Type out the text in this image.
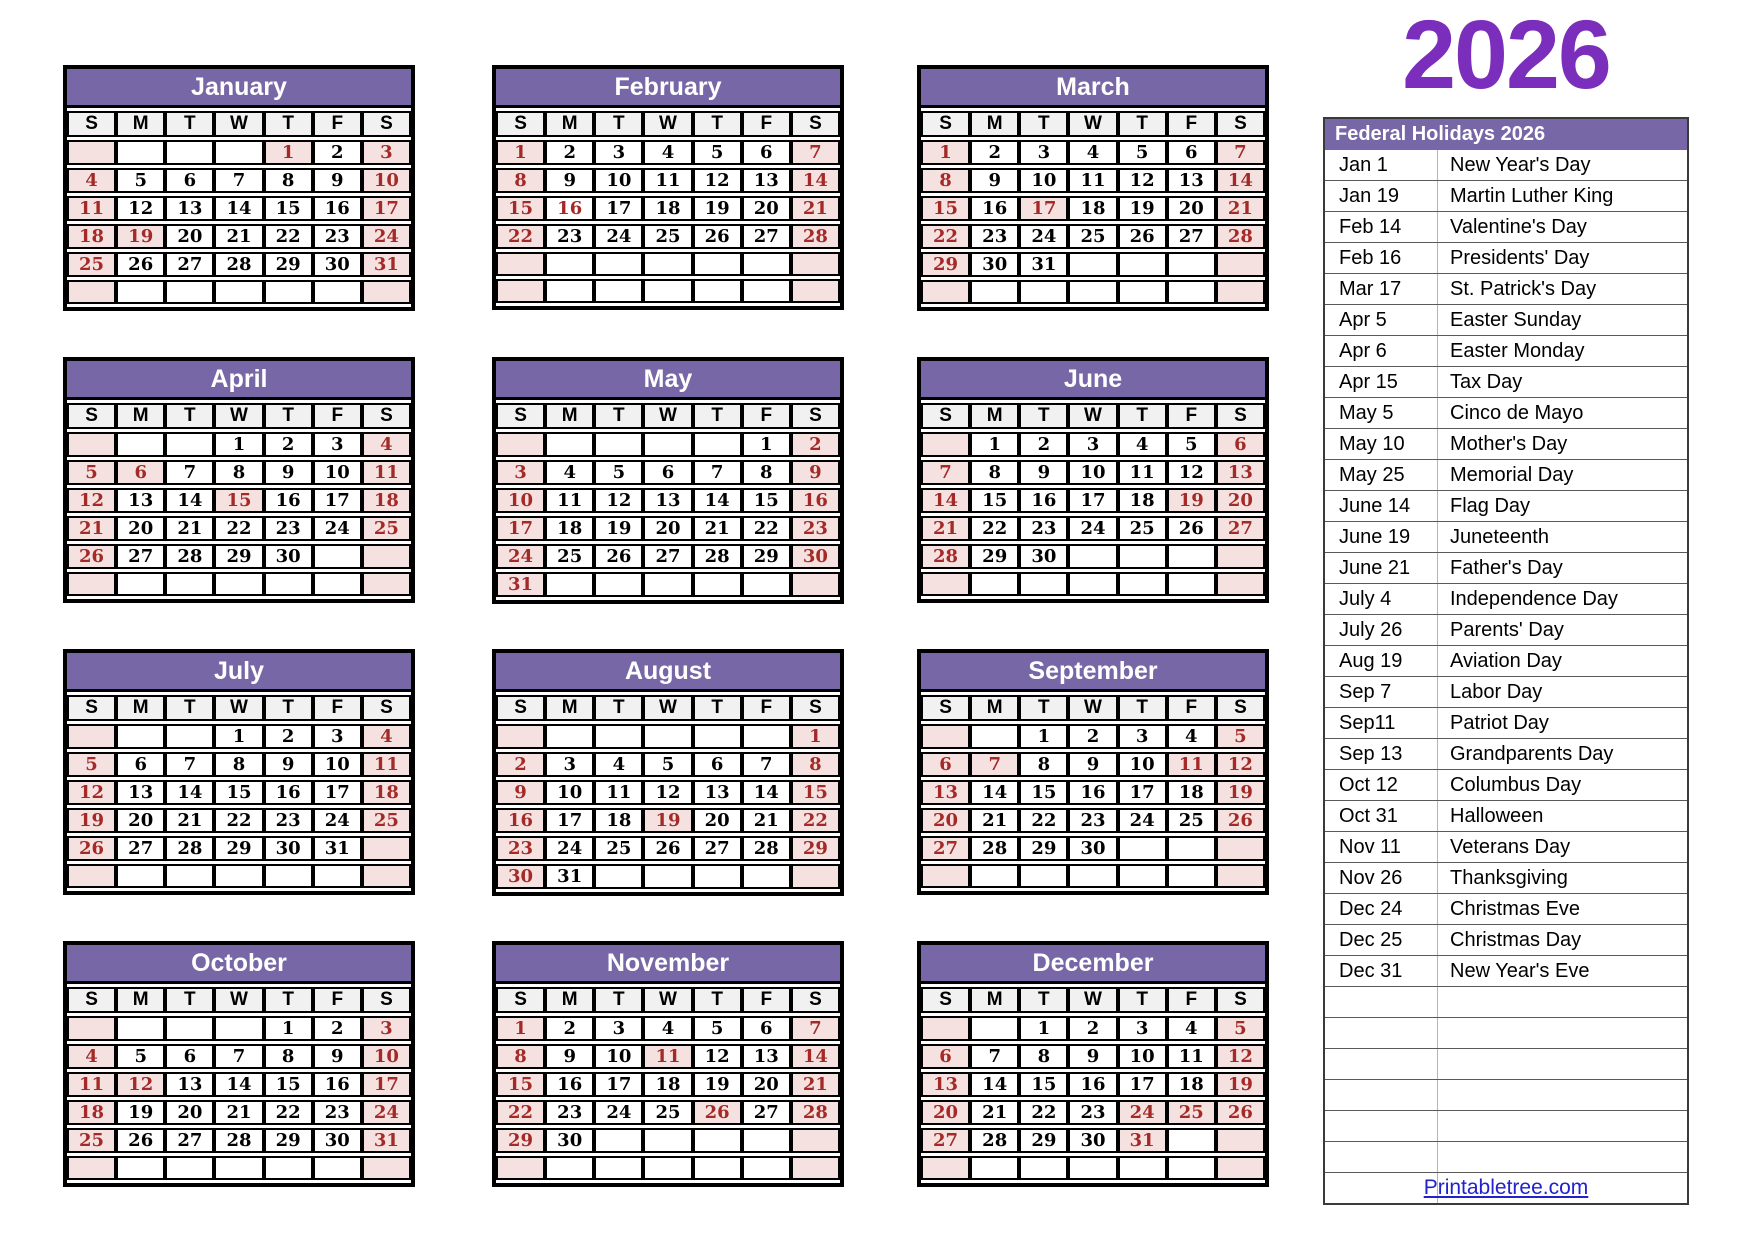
2026
Federal Holidays 2026
Jan 1	New Year's Day
Jan 19	Martin Luther King
Feb 14	Valentine's Day
Feb 16	Presidents' Day
Mar 17	St. Patrick's Day
Apr 5	Easter Sunday
Apr 6	Easter Monday
Apr 15	Tax Day
May 5	Cinco de Mayo
May 10	Mother's Day
May 25	Memorial Day
June 14	Flag Day
June 19	Juneteenth
June 21	Father's Day
July 4	Independence Day
July 26	Parents' Day
Aug 19	Aviation Day
Sep 7	Labor Day
Sep11	Patriot Day
Sep 13	Grandparents Day
Oct 12	Columbus Day
Oct 31	Halloween
Nov 11	Veterans Day
Nov 26	Thanksgiving
Dec 24	Christmas Eve
Dec 25	Christmas Day
Dec 31	New Year's Eve
January
S	M	T	W	T	F	S
				1	2	3
4	5	6	7	8	9	10
11	12	13	14	15	16	17
18	19	20	21	22	23	24
25	26	27	28	29	30	31

February
S	M	T	W	T	F	S
1	2	3	4	5	6	7
8	9	10	11	12	13	14
15	16	17	18	19	20	21
22	23	24	25	26	27	28

March
S	M	T	W	T	F	S
1	2	3	4	5	6	7
8	9	10	11	12	13	14
15	16	17	18	19	20	21
22	23	24	25	26	27	28
29	30	31				

April
S	M	T	W	T	F	S
			1	2	3	4
5	6	7	8	9	10	11
12	13	14	15	16	17	18
21	20	21	22	23	24	25
26	27	28	29	30		

May
S	M	T	W	T	F	S
					1	2
3	4	5	6	7	8	9
10	11	12	13	14	15	16
17	18	19	20	21	22	23
24	25	26	27	28	29	30
31						
June
S	M	T	W	T	F	S
	1	2	3	4	5	6
7	8	9	10	11	12	13
14	15	16	17	18	19	20
21	22	23	24	25	26	27
28	29	30				

July
S	M	T	W	T	F	S
			1	2	3	4
5	6	7	8	9	10	11
12	13	14	15	16	17	18
19	20	21	22	23	24	25
26	27	28	29	30	31	

August
S	M	T	W	T	F	S
						1
2	3	4	5	6	7	8
9	10	11	12	13	14	15
16	17	18	19	20	21	22
23	24	25	26	27	28	29
30	31					
September
S	M	T	W	T	F	S
		1	2	3	4	5
6	7	8	9	10	11	12
13	14	15	16	17	18	19
20	21	22	23	24	25	26
27	28	29	30			

October
S	M	T	W	T	F	S
				1	2	3
4	5	6	7	8	9	10
11	12	13	14	15	16	17
18	19	20	21	22	23	24
25	26	27	28	29	30	31

November
S	M	T	W	T	F	S
1	2	3	4	5	6	7
8	9	10	11	12	13	14
15	16	17	18	19	20	21
22	23	24	25	26	27	28
29	30					

December
S	M	T	W	T	F	S
		1	2	3	4	5
6	7	8	9	10	11	12
13	14	15	16	17	18	19
20	21	22	23	24	25	26
27	28	29	30	31		

Printabletree.com
